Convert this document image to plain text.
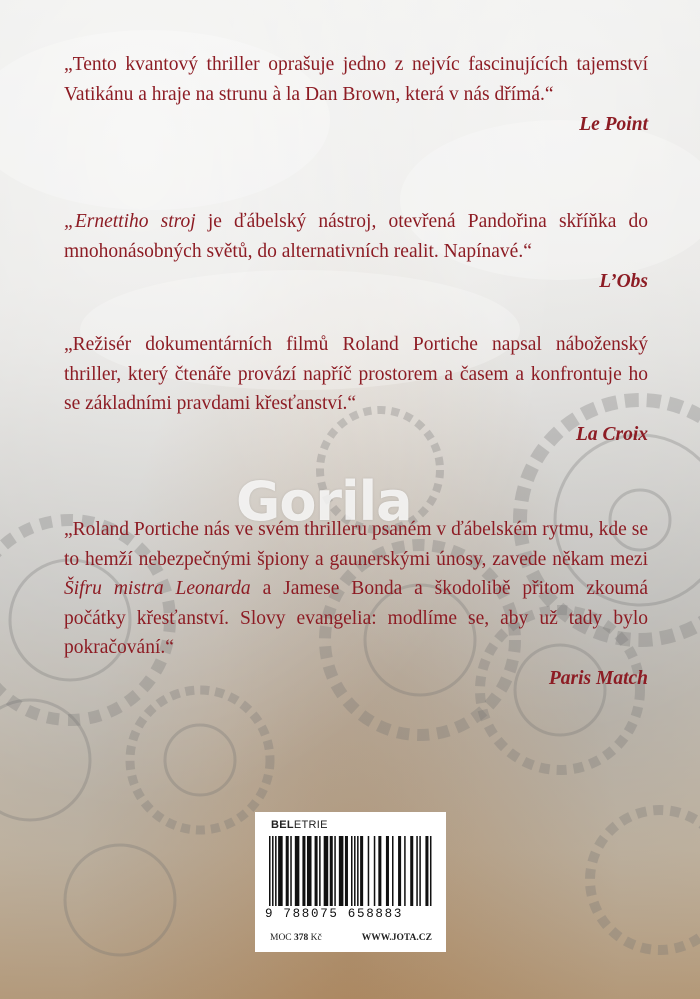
Gorila

„Tento kvantový thriller oprašuje jedno z nejvíc fascinujících tajemství Vatikánu a hraje na strunu à la Dan Brown, která v nás dřímá.“

Le Point

„Ernettiho stroj je ďábelský nástroj, otevřená Pandořina skříňka do mnohonásobných světů, do alternativních realit. Napínavé.“

L’Obs

„Režisér dokumentárních filmů Roland Portiche napsal náboženský thriller, který čtenáře provází napříč prostorem a časem a konfrontuje ho se základními pravdami křesťanství.“

La Croix

„Roland Portiche nás ve svém thrilleru psaném v ďábelském rytmu, kde se to hemží nebezpečnými špiony a gaunerskými únosy, zavede někam mezi Šifru mistra Leonarda a Jamese Bonda a škodolibě přitom zkoumá počátky křesťanství. Slovy evangelia: modlíme se, aby už tady bylo pokračování.“

Paris Match

BELETRIE
9 788075 658883
MOC 378 Kč	WWW.JOTA.CZ
